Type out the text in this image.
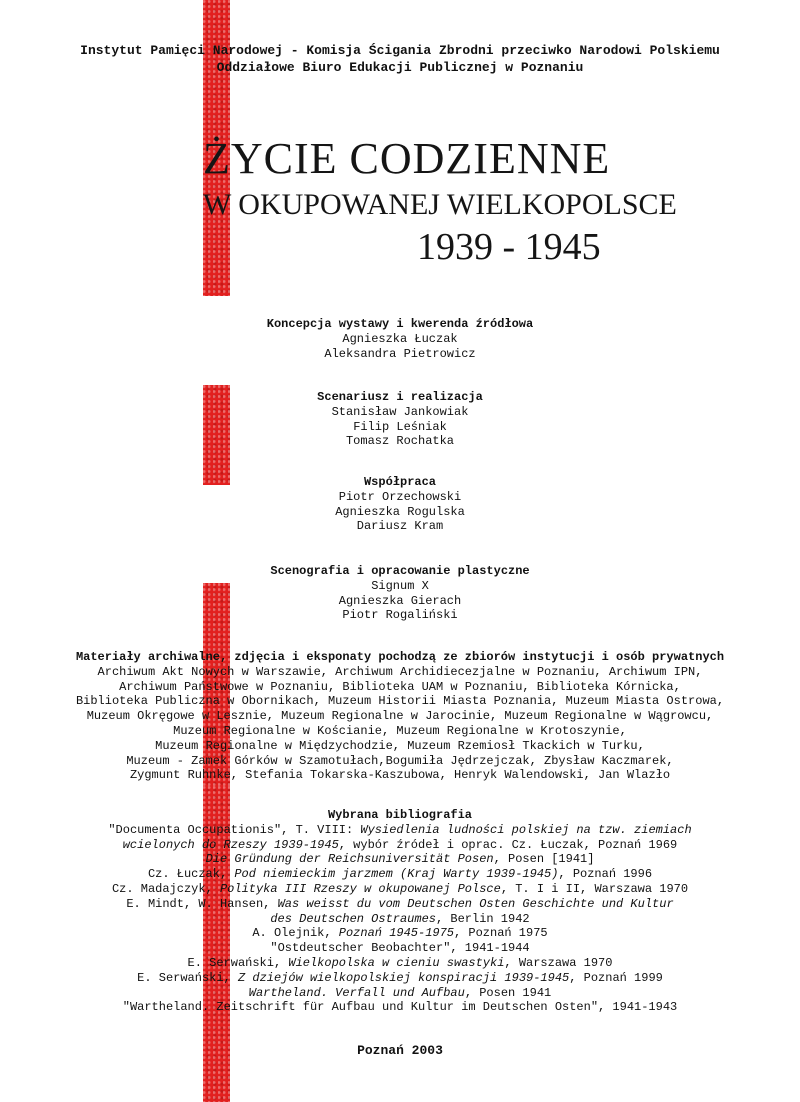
Instytut Pamięci Narodowej - Komisja Ścigania Zbrodni przeciwko Narodowi Polskiemu
Oddziałowe Biuro Edukacji Publicznej w Poznaniu
ŻYCIE CODZIENNE
W OKUPOWANEJ WIELKOPOLSCE
1939 - 1945
Koncepcja wystawy i kwerenda źródłowa
Agnieszka Łuczak
Aleksandra Pietrowicz
Scenariusz i realizacja
Stanisław Jankowiak
Filip Leśniak
Tomasz Rochatka
Współpraca
Piotr Orzechowski
Agnieszka Rogulska
Dariusz Kram
Scenografia i opracowanie plastyczne
Signum X
Agnieszka Gierach
Piotr Rogaliński
Materiały archiwalne, zdjęcia i eksponaty pochodzą ze zbiorów instytucji i osób prywatnych
Archiwum Akt Nowych w Warszawie, Archiwum Archidiecezjalne w Poznaniu, Archiwum IPN,
Archiwum Państwowe w Poznaniu, Biblioteka UAM w Poznaniu, Biblioteka Kórnicka,
Biblioteka Publiczna w Obornikach, Muzeum Historii Miasta Poznania, Muzeum Miasta Ostrowa,
Muzeum Okręgowe w Lesznie, Muzeum Regionalne w Jarocinie, Muzeum Regionalne w Wągrowcu,
Muzeum Regionalne w Kościanie, Muzeum Regionalne w Krotoszynie,
Muzeum Regionalne w Międzychodzie, Muzeum Rzemiosł Tkackich w Turku,
Muzeum - Zamek Górków w Szamotułach,Bogumiła Jędrzejczak, Zbysław Kaczmarek,
Zygmunt Ruhnke, Stefania Tokarska-Kaszubowa, Henryk Walendowski, Jan Wlazło
Wybrana bibliografia
"Documenta Occupationis", T. VIII: Wysiedlenia ludności polskiej na tzw. ziemiach
wcielonych do Rzeszy 1939-1945, wybór źródeł i oprac. Cz. Łuczak, Poznań 1969
Die Gründung der Reichsuniversität Posen, Posen [1941]
Cz. Łuczak, Pod niemieckim jarzmem (Kraj Warty 1939-1945), Poznań 1996
Cz. Madajczyk, Polityka III Rzeszy w okupowanej Polsce, T. I i II, Warszawa 1970
E. Mindt, W. Hansen, Was weisst du vom Deutschen Osten Geschichte und Kultur
des Deutschen Ostraumes, Berlin 1942
A. Olejnik, Poznań 1945-1975, Poznań 1975
"Ostdeutscher Beobachter", 1941-1944
E. Serwański, Wielkopolska w cieniu swastyki, Warszawa 1970
E. Serwański, Z dziejów wielkopolskiej konspiracji 1939-1945, Poznań 1999
Wartheland. Verfall und Aufbau, Posen 1941
"Wartheland. Zeitschrift für Aufbau und Kultur im Deutschen Osten", 1941-1943
Poznań 2003
